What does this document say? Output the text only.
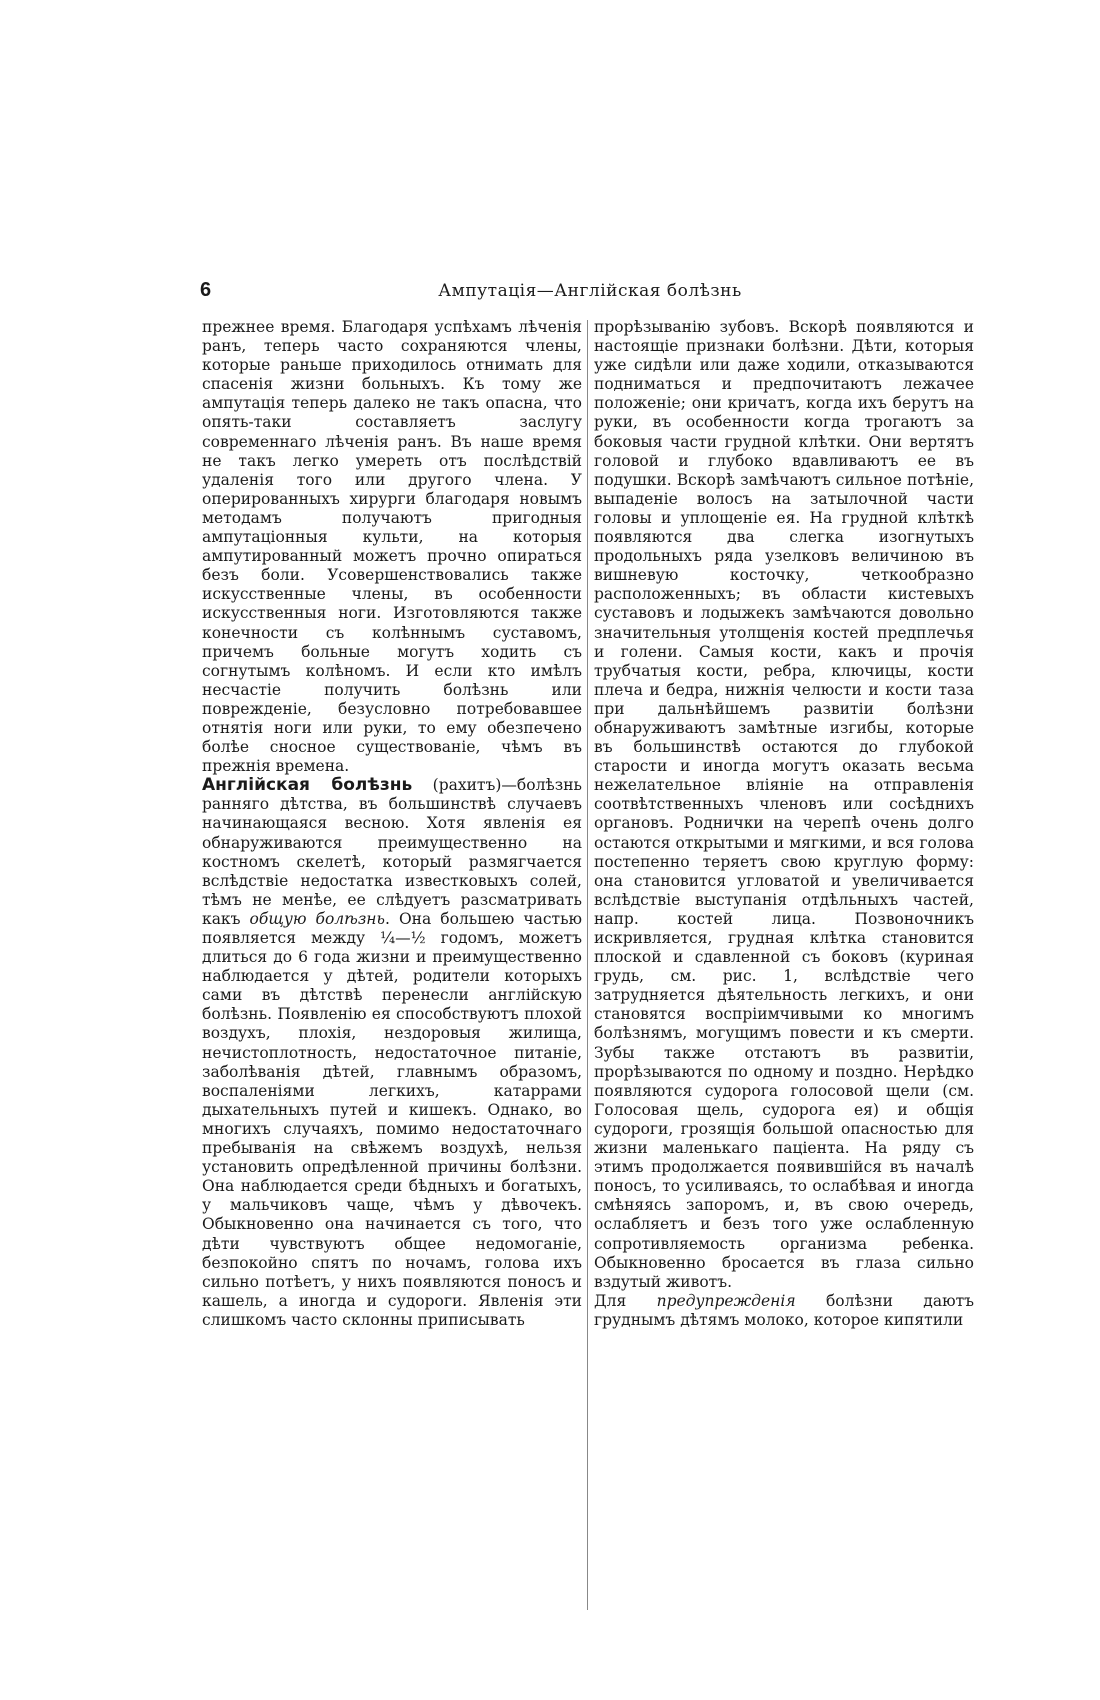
6	Ампутацiя—Англiйская болѣзнь

прежнее время. Благодаря успѣхамъ лѣченiя ранъ, теперь часто сохраняются члены, которые раньше приходилось отнимать для спасенiя жизни больныхъ. Къ тому же ампутацiя теперь далеко не такъ опасна, что опять-таки составляетъ заслугу современнаго лѣченiя ранъ. Въ наше время не такъ легко умереть отъ послѣдствiй удаленiя того или другого члена. У оперированныхъ хирурги благодаря новымъ методамъ получаютъ пригодныя ампутацiонныя культи, на которыя ампутированный можетъ прочно опираться безъ боли. Усовершенствовались также искусственные члены, въ особенности искусственныя ноги. Изготовляются также конечности съ колѣннымъ суставомъ, причемъ больные могутъ ходить съ согнутымъ колѣномъ. И если кто имѣлъ несчастiе получить болѣзнь или поврежденiе, безусловно потребовавшее отнятiя ноги или руки, то ему обезпечено болѣе сносное существованiе, чѣмъ въ прежнiя времена.

Англiйская болѣзнь (рахитъ)—болѣзнь ранняго дѣтства, въ большинствѣ случаевъ начинающаяся весною. Хотя явленiя ея обнаруживаются преимущественно на костномъ скелетѣ, который размягчается вслѣдствiе недостатка известковыхъ солей, тѣмъ не менѣе, ее слѣдуетъ разсматривать какъ общую болѣзнь. Она большею частью появляется между ¼—½ годомъ, можетъ длиться до 6 года жизни и преимущественно наблюдается у дѣтей, родители которыхъ сами въ дѣтствѣ перенесли англiйскую болѣзнь. Появленiю ея способствуютъ плохой воздухъ, плохiя, нездоровыя жилища, нечистоплотность, недостаточное питанiе, заболѣванiя дѣтей, главнымъ образомъ, воспаленiями легкихъ, катаррами дыхательныхъ путей и кишекъ. Однако, во многихъ случаяхъ, помимо недостаточнаго пребыванiя на свѣжемъ воздухѣ, нельзя установить опредѣленной причины болѣзни. Она наблюдается среди бѣдныхъ и богатыхъ, у мальчиковъ чаще, чѣмъ у дѣвочекъ. Обыкновенно она начинается съ того, что дѣти чувствуютъ общее недомоганiе, безпокойно спятъ по ночамъ, голова ихъ сильно потѣетъ, у нихъ появляются поносъ и кашель, а иногда и судороги. Явленiя эти слишкомъ часто склонны приписывать

прорѣзыванiю зубовъ. Вскорѣ появляются и настоящiе признаки болѣзни. Дѣти, которыя уже сидѣли или даже ходили, отказываются подниматься и предпочитаютъ лежачее положенiе; они кричатъ, когда ихъ берутъ на руки, въ особенности когда трогаютъ за боковыя части грудной клѣтки. Они вертятъ головой и глубоко вдавливаютъ ее въ подушки. Вскорѣ замѣчаютъ сильное потѣнiе, выпаденiе волосъ на затылочной части головы и уплощенiе ея. На грудной клѣткѣ появляются два слегка изогнутыхъ продольныхъ ряда узелковъ величиною въ вишневую косточку, четкообразно расположенныхъ; въ области кистевыхъ суставовъ и лодыжекъ замѣчаются довольно значительныя утолщенiя костей предплечья и голени. Самыя кости, какъ и прочiя трубчатыя кости, ребра, ключицы, кости плеча и бедра, нижнiя челюсти и кости таза при дальнѣйшемъ развитiи болѣзни обнаруживаютъ замѣтные изгибы, которые въ большинствѣ остаются до глубокой старости и иногда могутъ оказать весьма нежелательное влiянiе на отправленiя соотвѣтственныхъ членовъ или сосѣднихъ органовъ. Роднички на черепѣ очень долго остаются открытыми и мягкими, и вся голова постепенно теряетъ свою круглую форму: она становится угловатой и увеличивается вслѣдствiе выступанiя отдѣльныхъ частей, напр. костей лица. Позвоночникъ искривляется, грудная клѣтка становится плоской и сдавленной съ боковъ (куриная грудь, см. рис. 1, вслѣдствiе чего затрудняется дѣятельность легкихъ, и они становятся воспрiимчивыми ко многимъ болѣзнямъ, могущимъ повести и къ смерти. Зубы также отстаютъ въ развитiи, прорѣзываются по одному и поздно. Нерѣдко появляются судорога голосовой щели (см. Голосовая щель, судорога ея) и общiя судороги, грозящiя большой опасностью для жизни маленькаго пацiента. На ряду съ этимъ продолжается появившiйся въ началѣ поносъ, то усиливаясь, то ослабѣвая и иногда смѣняясь запоромъ, и, въ свою очередь, ослабляетъ и безъ того уже ослабленную сопротивляемость организма ребенка. Обыкновенно бросается въ глаза сильно вздутый животъ.

Для предупрежденiя болѣзни даютъ груднымъ дѣтямъ молоко, которое кипятили
